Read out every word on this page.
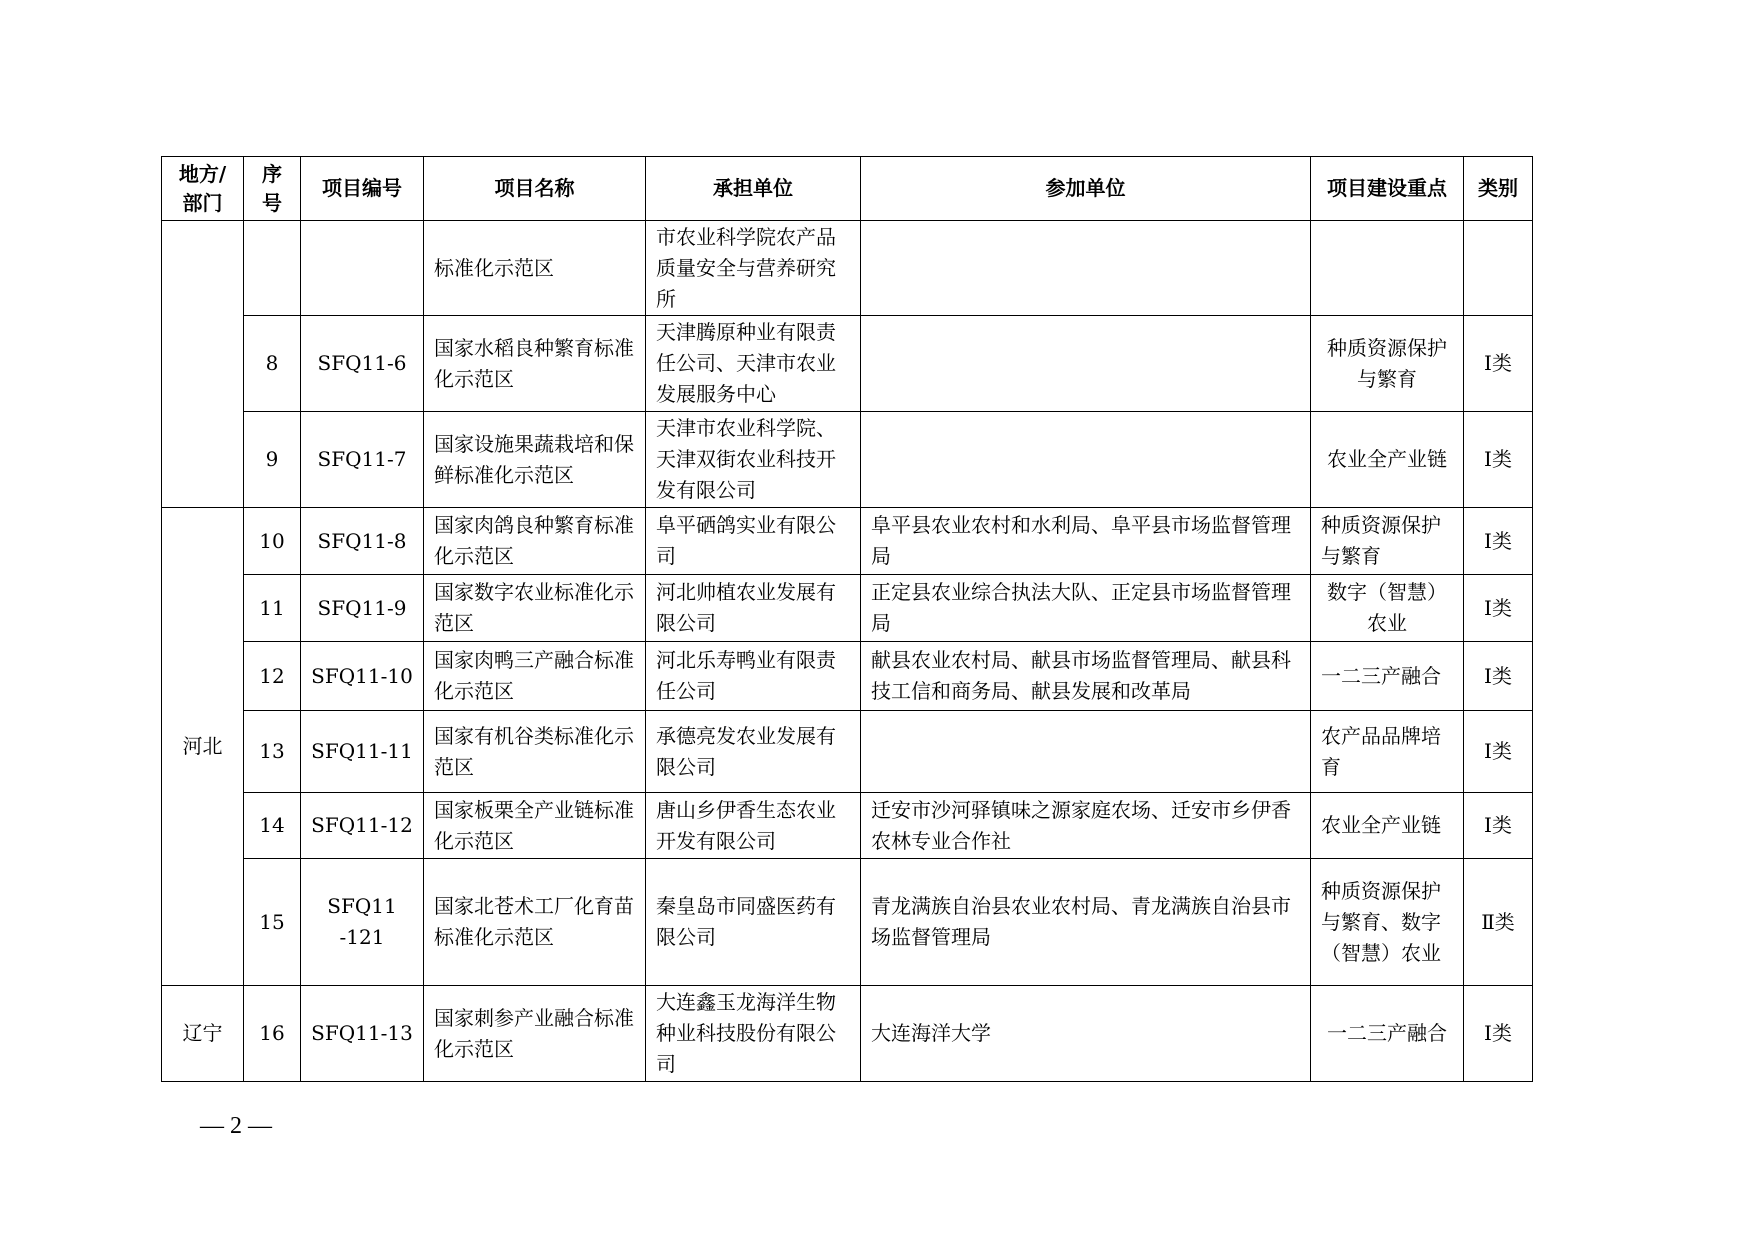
地方/部门	序号	项目编号	项目名称	承担单位	参加单位	项目建设重点	类别
			标准化示范区	市农业科学院农产品质量安全与营养研究所			
	8	SFQ11-6	国家水稻良种繁育标准化示范区	天津腾原种业有限责任公司、天津市农业发展服务中心		种质资源保护与繁育	Ⅰ类
	9	SFQ11-7	国家设施果蔬栽培和保鲜标准化示范区	天津市农业科学院、天津双街农业科技开发有限公司		农业全产业链	Ⅰ类
河北	10	SFQ11-8	国家肉鸽良种繁育标准化示范区	阜平硒鸽实业有限公司	阜平县农业农村和水利局、阜平县市场监督管理局	种质资源保护与繁育	Ⅰ类
	11	SFQ11-9	国家数字农业标准化示范区	河北帅植农业发展有限公司	正定县农业综合执法大队、正定县市场监督管理局	数字（智慧）农业	Ⅰ类
	12	SFQ11-10	国家肉鸭三产融合标准化示范区	河北乐寿鸭业有限责任公司	献县农业农村局、献县市场监督管理局、献县科技工信和商务局、献县发展和改革局	一二三产融合	Ⅰ类
	13	SFQ11-11	国家有机谷类标准化示范区	承德亮发农业发展有限公司		农产品品牌培育	Ⅰ类
	14	SFQ11-12	国家板栗全产业链标准化示范区	唐山乡伊香生态农业开发有限公司	迁安市沙河驿镇味之源家庭农场、迁安市乡伊香农林专业合作社	农业全产业链	Ⅰ类
	15	SFQ11-121	国家北苍术工厂化育苗标准化示范区	秦皇岛市同盛医药有限公司	青龙满族自治县农业农村局、青龙满族自治县市场监督管理局	种质资源保护与繁育、数字（智慧）农业	Ⅱ类
辽宁	16	SFQ11-13	国家刺参产业融合标准化示范区	大连鑫玉龙海洋生物种业科技股份有限公司	大连海洋大学	一二三产融合	Ⅰ类
— 2 —
